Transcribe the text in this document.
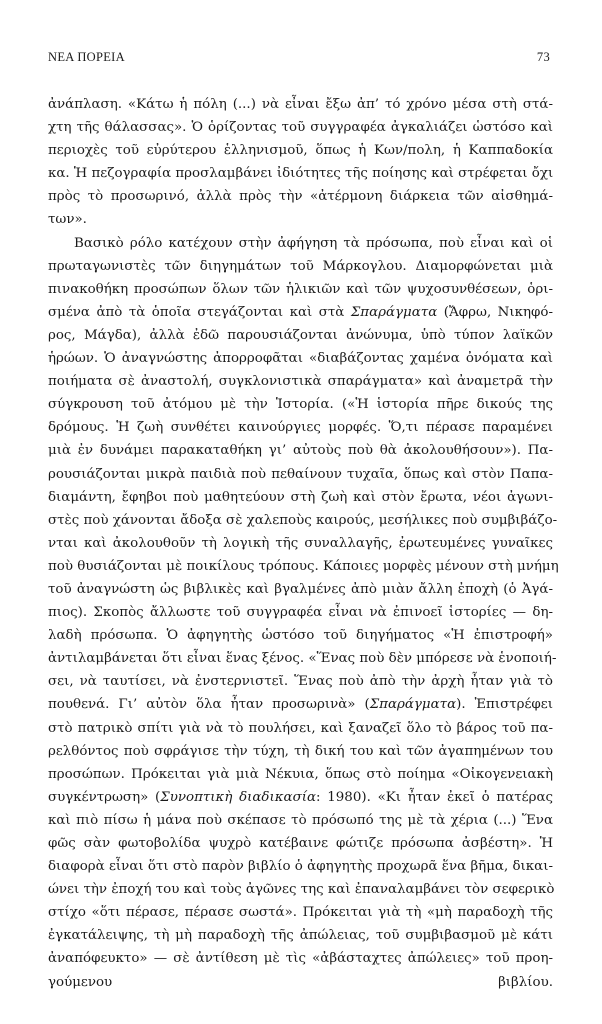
ΝΕΑ ΠΟΡΕΙΑ	73
ἀνάπλαση. «Κάτω ἡ πόλη (...) νὰ εἶναι ἔξω ἀπ’ τό χρόνο μέσα στὴ στά-
χτη τῆς θάλασσας». Ὁ ὁρίζοντας τοῦ συγγραφέα ἀγκαλιάζει ὡστόσο καὶ
περιοχὲς τοῦ εὐρύτερου ἑλληνισμοῦ, ὅπως ἡ Κων/πολη, ἡ Καππαδοκία
κα. Ἡ πεζογραφία προσλαμβάνει ἰδιότητες τῆς ποίησης καὶ στρέφεται ὄχι
πρὸς τὸ προσωρινό, ἀλλὰ πρὸς τὴν «ἀτέρμονη διάρκεια τῶν αἰσθημά-
των».
Βασικὸ ρόλο κατέχουν στὴν ἀφήγηση τὰ πρόσωπα, ποὺ εἶναι καὶ οἱ
πρωταγωνιστὲς τῶν διηγημάτων τοῦ Μάρκογλου. Διαμορφώνεται μιὰ
πινακοθήκη προσώπων ὅλων τῶν ἡλικιῶν καὶ τῶν ψυχοσυνθέσεων, ὁρι-
σμένα ἀπὸ τὰ ὁποῖα στεγάζονται καὶ στὰ Σπαράγματα (Ἄφρω, Νικηφό-
ρος, Μάγδα), ἀλλὰ ἐδῶ παρουσιάζονται ἀνώνυμα, ὑπὸ τύπον λαϊκῶν
ἡρώων. Ὁ ἀναγνώστης ἀπορροφᾶται «διαβάζοντας χαμένα ὀνόματα καὶ
ποιήματα σὲ ἀναστολή, συγκλονιστικὰ σπαράγματα» καὶ ἀναμετρᾶ τὴν
σύγκρουση τοῦ ἀτόμου μὲ τὴν Ἱστορία. («Ἡ ἱστορία πῆρε δικούς της
δρόμους. Ἡ ζωὴ συνθέτει καινούργιες μορφές. Ὅ,τι πέρασε παραμένει
μιὰ ἐν δυνάμει παρακαταθήκη γι’ αὐτοὺς ποὺ θὰ ἀκολουθήσουν»). Πα-
ρουσιάζονται μικρὰ παιδιὰ ποὺ πεθαίνουν τυχαῖα, ὅπως καὶ στὸν Παπα-
διαμάντη, ἔφηβοι ποὺ μαθητεύουν στὴ ζωὴ καὶ στὸν ἔρωτα, νέοι ἀγωνι-
στὲς ποὺ χάνονται ἄδοξα σὲ χαλεποὺς καιρούς, μεσήλικες ποὺ συμβιβάζο-
νται καὶ ἀκολουθοῦν τὴ λογικὴ τῆς συναλλαγῆς, ἐρωτευμένες γυναῖκες
ποὺ θυσιάζονται μὲ ποικίλους τρόπους. Κάποιες μορφὲς μένουν στὴ μνήμη
τοῦ ἀναγνώστη ὡς βιβλικὲς καὶ βγαλμένες ἀπὸ μιὰν ἄλλη ἐποχὴ (ὁ Ἀγά-
πιος). Σκοπὸς ἄλλωστε τοῦ συγγραφέα εἶναι νὰ ἐπινοεῖ ἱστορίες — δη-
λαδὴ πρόσωπα. Ὁ ἀφηγητὴς ὡστόσο τοῦ διηγήματος «Ἡ ἐπιστροφή»
ἀντιλαμβάνεται ὅτι εἶναι ἕνας ξένος. «Ἕνας ποὺ δὲν μπόρεσε νὰ ἑνοποιή-
σει, νὰ ταυτίσει, νὰ ἐνστερνιστεῖ. Ἕνας ποὺ ἀπὸ τὴν ἀρχὴ ἦταν γιὰ τὸ
πουθενά. Γι’ αὐτὸν ὅλα ἦταν προσωρινὰ» (Σπαράγματα). Ἐπιστρέφει
στὸ πατρικὸ σπίτι γιὰ νὰ τὸ πουλήσει, καὶ ξαναζεῖ ὅλο τὸ βάρος τοῦ πα-
ρελθόντος ποὺ σφράγισε τὴν τύχη, τὴ δική του καὶ τῶν ἀγαπημένων του
προσώπων. Πρόκειται γιὰ μιὰ Νέκυια, ὅπως στὸ ποίημα «Οἰκογενειακὴ
συγκέντρωση» (Συνοπτικὴ διαδικασία: 1980). «Κι ἦταν ἐκεῖ ὁ πατέρας
καὶ πιὸ πίσω ἡ μάνα ποὺ σκέπασε τὸ πρόσωπό της μὲ τὰ χέρια (...) Ἕνα
φῶς σὰν φωτοβολίδα ψυχρὸ κατέβαινε φώτιζε πρόσωπα ἀσβέστη». Ἡ
διαφορὰ εἶναι ὅτι στὸ παρὸν βιβλίο ὁ ἀφηγητὴς προχωρᾶ ἕνα βῆμα, δικαι-
ώνει τὴν ἐποχή του καὶ τοὺς ἀγῶνες της καὶ ἐπαναλαμβάνει τὸν σεφερικὸ
στίχο «ὅτι πέρασε, πέρασε σωστά». Πρόκειται γιὰ τὴ «μὴ παραδοχὴ τῆς
ἐγκατάλειψης, τὴ μὴ παραδοχὴ τῆς ἀπώλειας, τοῦ συμβιβασμοῦ μὲ κάτι
ἀναπόφευκτο» — σὲ ἀντίθεση μὲ τὶς «ἀβάσταχτες ἀπώλειες» τοῦ προη-
γούμενου βιβλίου.
